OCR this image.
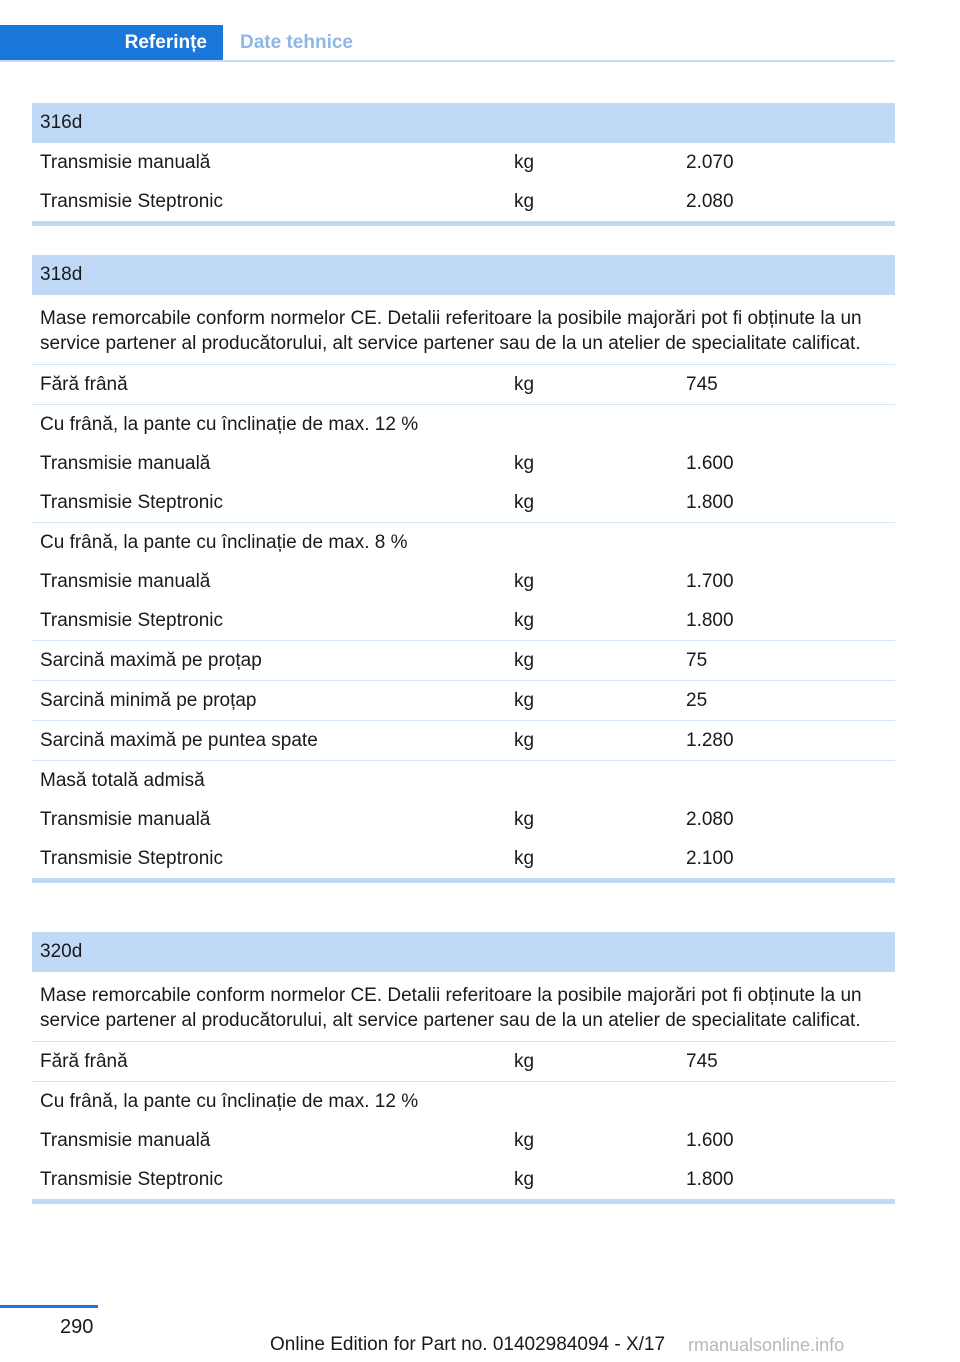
Referințe	Date tehnice
316d
Transmisie manuală	kg	2.070
Transmisie Steptronic	kg	2.080
318d
Mase remorcabile conform normelor CE. Detalii referitoare la posibile majorări pot fi obținute la un service partener al producătorului, alt service partener sau de la un atelier de specialitate calificat.
Fără frână	kg	745
Cu frână, la pante cu înclinație de max. 12 %
Transmisie manuală	kg	1.600
Transmisie Steptronic	kg	1.800
Cu frână, la pante cu înclinație de max. 8 %
Transmisie manuală	kg	1.700
Transmisie Steptronic	kg	1.800
Sarcină maximă pe proțap	kg	75
Sarcină minimă pe proțap	kg	25
Sarcină maximă pe puntea spate	kg	1.280
Masă totală admisă
Transmisie manuală	kg	2.080
Transmisie Steptronic	kg	2.100
320d
Mase remorcabile conform normelor CE. Detalii referitoare la posibile majorări pot fi obținute la un service partener al producătorului, alt service partener sau de la un atelier de specialitate calificat.
Fără frână	kg	745
Cu frână, la pante cu înclinație de max. 12 %
Transmisie manuală	kg	1.600
Transmisie Steptronic	kg	1.800
290
Online Edition for Part no. 01402984094 - X/17 rmanualsonline.info
